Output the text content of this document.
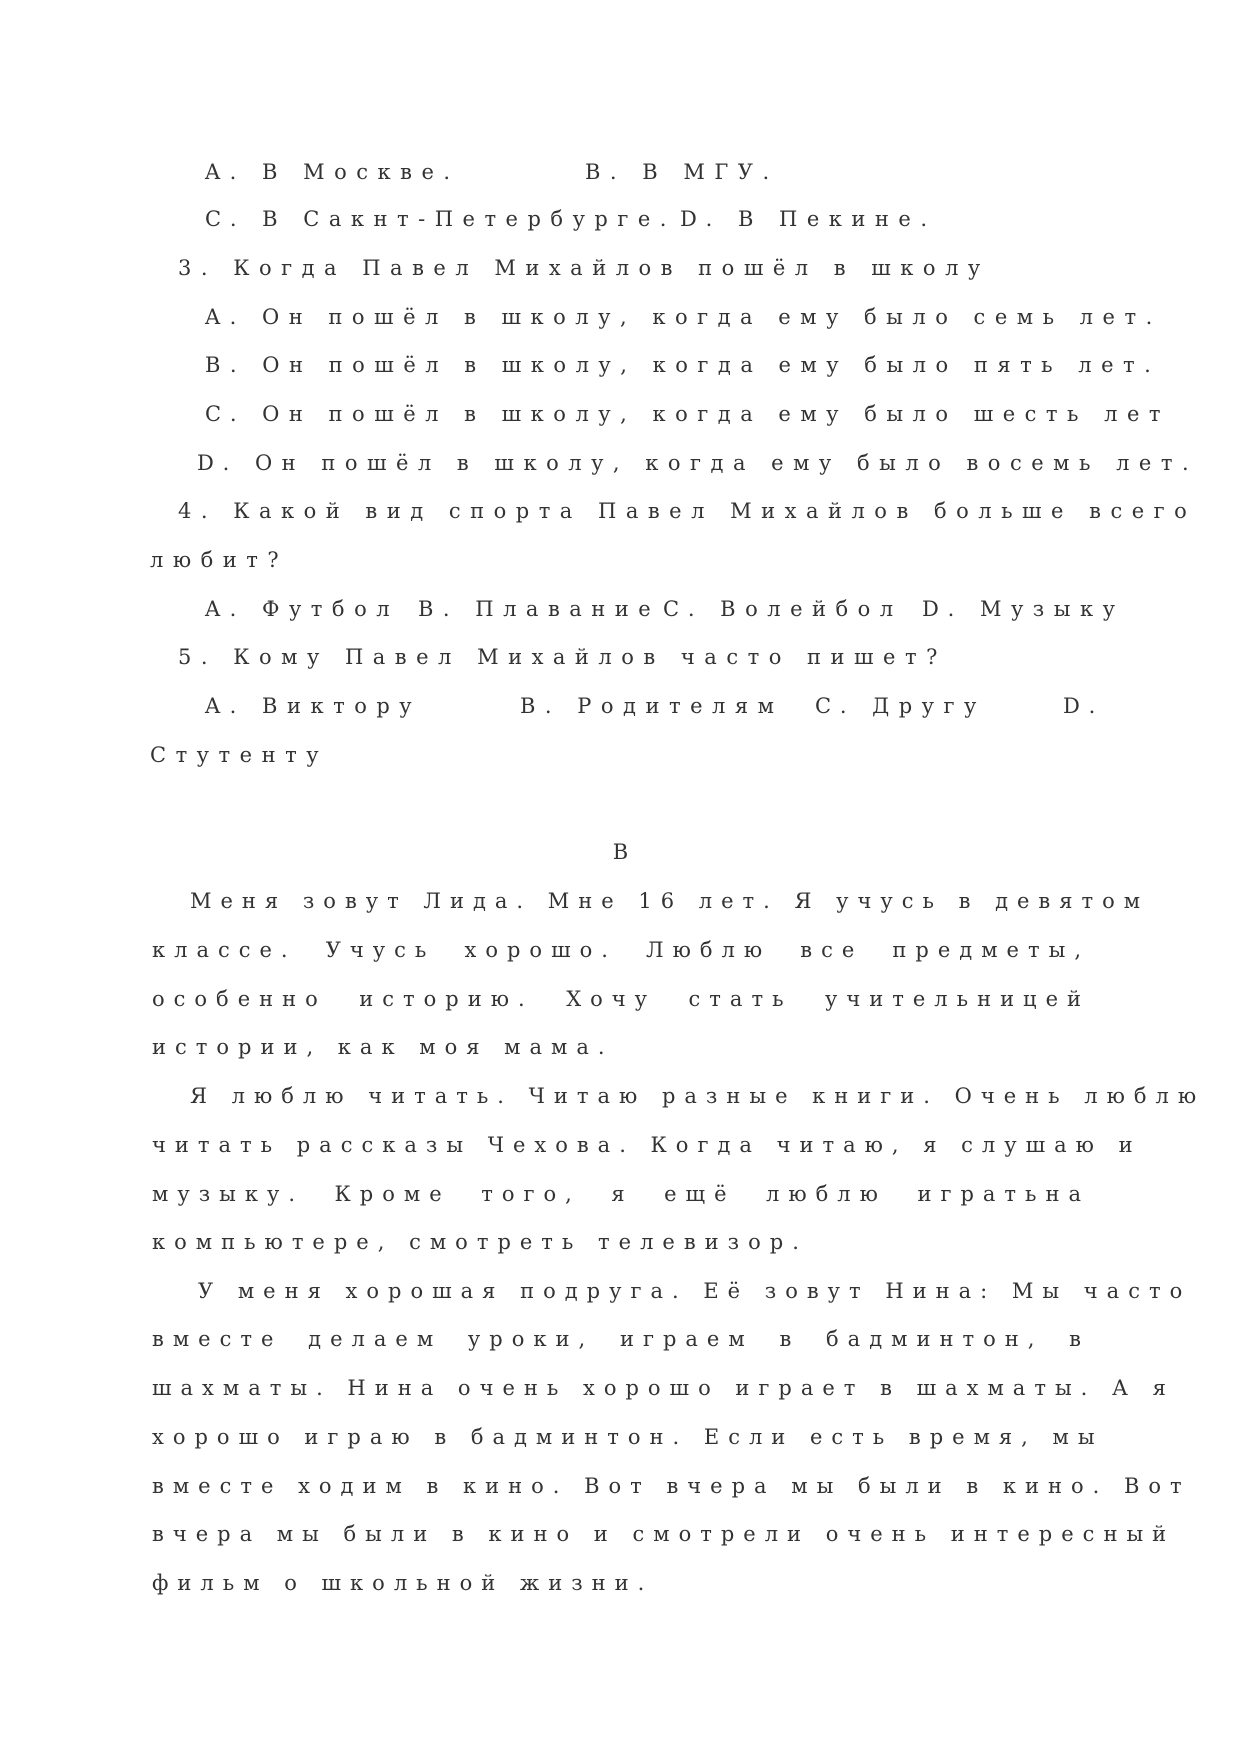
A. В Москве.	B. В МГУ.
C. В Сакнт-Петербурге. D. В Пекине.
3. Когда Павел Михайлов пошёл в школу
A. Он пошёл в школу, когда ему было семь лет.
B. Он пошёл в школу, когда ему было пять лет.
C. Он пошёл в школу, когда ему было шесть лет
D. Он пошёл в школу, когда ему было восемь лет.
4. Какой вид спорта Павел Михайлов больше всего
любит?
A. Футбол B. Плавание C. Волейбол D. Музыку
5. Кому Павел Михайлов часто пишет?
A. Виктору	B. Родителям C. Другу	D.
Стутенту
B
Меня зовут Лида. Мне 16 лет. Я учусь в девятом
классе. Учусь хорошо. Люблю все предметы,
особенно историю. Хочу стать учительницей
истории, как моя мама.
Я люблю читать. Читаю разные книги. Очень люблю
читать рассказы Чехова. Когда читаю, я слушаю и
музыку. Кроме того, я ещё люблю игратьна
компьютере, смотреть телевизор.
У меня хорошая подруга. Её зовут Нина: Мы часто
вместе делаем уроки, играем в бадминтон, в
шахматы. Нина очень хорошо играет в шахматы. А я
хорошо играю в бадминтон. Если есть время, мы
вместе ходим в кино. Вот вчера мы были в кино. Вот
вчера мы были в кино и смотрели очень интересный
фильм о школьной жизни.
